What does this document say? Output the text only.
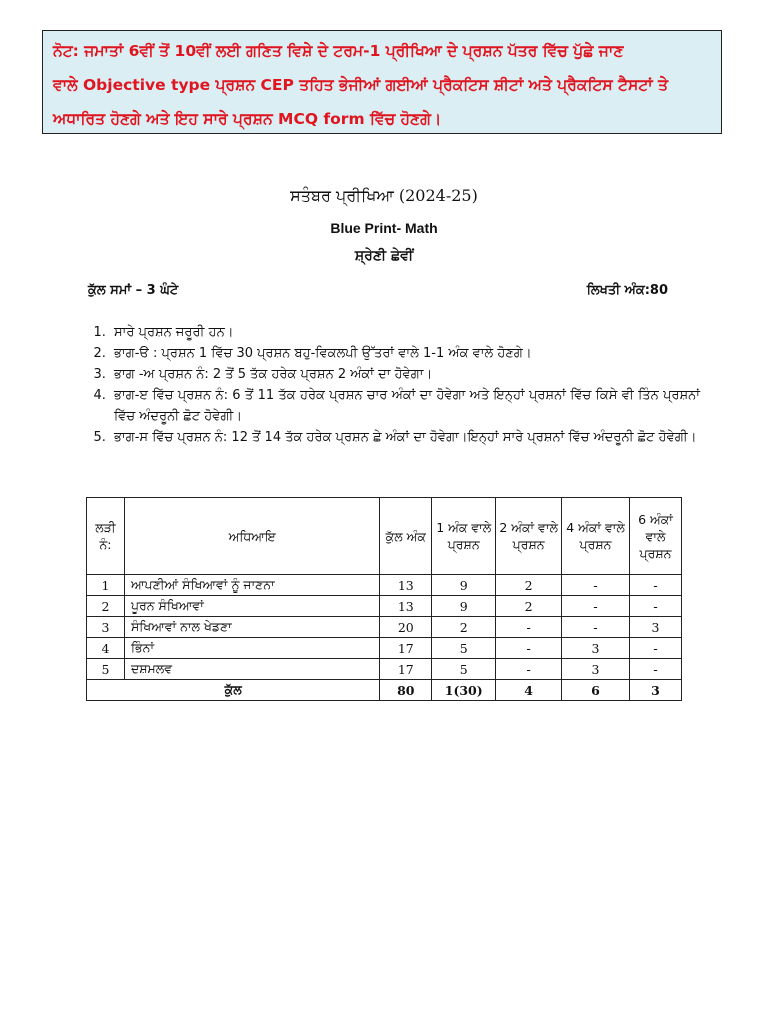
ਨੋਟ: ਜਮਾਤਾਂ 6ਵੀਂ ਤੋਂ 10ਵੀਂ ਲਈ ਗਣਿਤ ਵਿਸ਼ੇ ਦੇ ਟਰਮ-1 ਪ੍ਰੀਖਿਆ ਦੇ ਪ੍ਰਸ਼ਨ ਪੱਤਰ ਵਿੱਚ ਪੁੱਛੇ ਜਾਣ
ਵਾਲੇ Objective type ਪ੍ਰਸ਼ਨ CEP ਤਹਿਤ ਭੇਜੀਆਂ ਗਈਆਂ ਪ੍ਰੈਕਟਿਸ ਸ਼ੀਟਾਂ ਅਤੇ ਪ੍ਰੈਕਟਿਸ ਟੈਸਟਾਂ ਤੇ
ਅਧਾਰਿਤ ਹੋਣਗੇ ਅਤੇ ਇਹ ਸਾਰੇ ਪ੍ਰਸ਼ਨ MCQ form ਵਿੱਚ ਹੋਣਗੇ।
ਸਤੰਬਰ ਪ੍ਰੀਖਿਆ (2024-25)
Blue Print- Math
ਸ਼੍ਰੇਣੀ ਛੇਵੀਂ
ਕੁੱਲ ਸਮਾਂ – 3 ਘੰਟੇ	ਲਿਖਤੀ ਅੰਕ:80
1. ਸਾਰੇ ਪ੍ਰਸ਼ਨ ਜਰੂਰੀ ਹਨ।
2. ਭਾਗ-ੳ : ਪ੍ਰਸ਼ਨ 1 ਵਿੱਚ 30 ਪ੍ਰਸ਼ਨ ਬਹੁ-ਵਿਕਲਪੀ ਉੱਤਰਾਂ ਵਾਲੇ 1-1 ਅੰਕ ਵਾਲੇ ਹੋਣਗੇ।
3. ਭਾਗ -ਅ ਪ੍ਰਸ਼ਨ ਨੰ: 2 ਤੋਂ 5 ਤੱਕ ਹਰੇਕ ਪ੍ਰਸ਼ਨ 2 ਅੰਕਾਂ ਦਾ ਹੋਵੇਗਾ।
4. ਭਾਗ-ੲ ਵਿੱਚ ਪ੍ਰਸ਼ਨ ਨੰ: 6 ਤੋਂ 11 ਤੱਕ ਹਰੇਕ ਪ੍ਰਸ਼ਨ ਚਾਰ ਅੰਕਾਂ ਦਾ ਹੋਵੇਗਾ ਅਤੇ ਇਨ੍ਹਾਂ ਪ੍ਰਸ਼ਨਾਂ ਵਿੱਚ ਕਿਸੇ ਵੀ ਤਿੰਨ ਪ੍ਰਸ਼ਨਾਂ ਵਿੱਚ ਅੰਦਰੂਨੀ ਛੋਟ ਹੋਵੇਗੀ।
5. ਭਾਗ-ਸ ਵਿੱਚ ਪ੍ਰਸ਼ਨ ਨੰ: 12 ਤੋਂ 14 ਤੱਕ ਹਰੇਕ ਪ੍ਰਸ਼ਨ ਛੇ ਅੰਕਾਂ ਦਾ ਹੋਵੇਗਾ।ਇਨ੍ਹਾਂ ਸਾਰੇ ਪ੍ਰਸ਼ਨਾਂ ਵਿੱਚ ਅੰਦਰੂਨੀ ਛੋਟ ਹੋਵੇਗੀ।
ਲੜੀ ਨੰ:	ਅਧਿਆਇ	ਕੁੱਲ ਅੰਕ	1 ਅੰਕ ਵਾਲੇ ਪ੍ਰਸ਼ਨ	2 ਅੰਕਾਂ ਵਾਲੇ ਪ੍ਰਸ਼ਨ	4 ਅੰਕਾਂ ਵਾਲੇ ਪ੍ਰਸ਼ਨ	6 ਅੰਕਾਂ ਵਾਲੇ ਪ੍ਰਸ਼ਨ
1	ਆਪਣੀਆਂ ਸੰਖਿਆਵਾਂ ਨੂੰ ਜਾਣਨਾ	13	9	2	-	-
2	ਪੂਰਨ ਸੰਖਿਆਵਾਂ	13	9	2	-	-
3	ਸੰਖਿਆਵਾਂ ਨਾਲ ਖੇਡਣਾ	20	2	-	-	3
4	ਭਿੰਨਾਂ	17	5	-	3	-
5	ਦਸ਼ਮਲਵ	17	5	-	3	-
ਕੁੱਲ		80	1(30)	4	6	3
